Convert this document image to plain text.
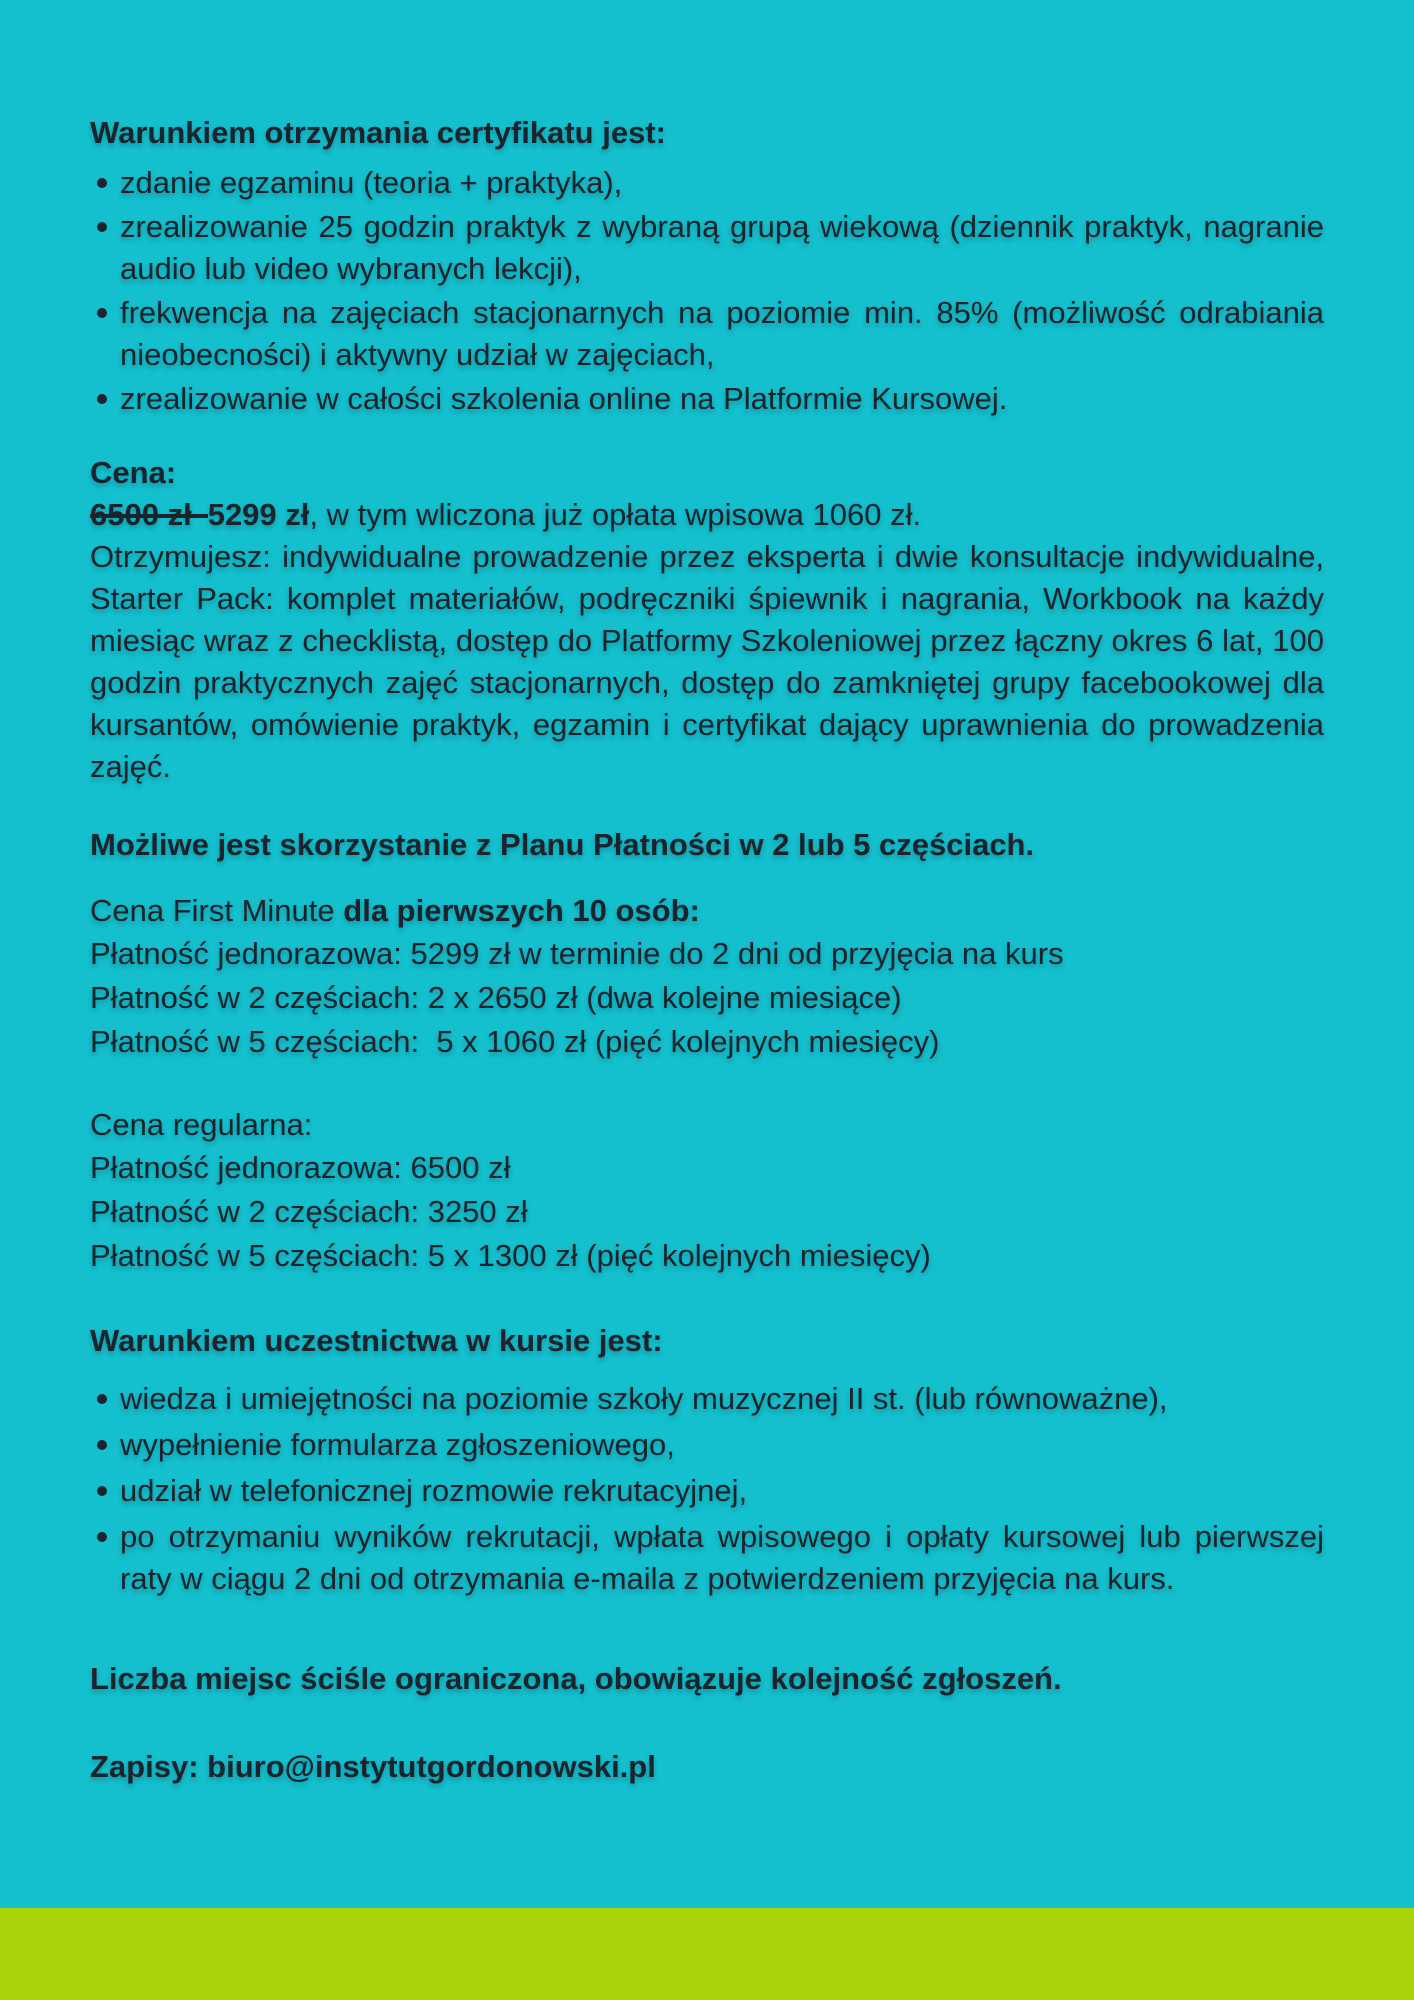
Warunkiem otrzymania certyfikatu jest:

zdanie egzaminu (teoria + praktyka),
zrealizowanie 25 godzin praktyk z wybraną grupą wiekową (dziennik praktyk, nagranie audio lub video wybranych lekcji),
frekwencja na zajęciach stacjonarnych na poziomie min. 85% (możliwość odrabiania nieobecności) i aktywny udział w zajęciach,
zrealizowanie w całości szkolenia online na Platformie Kursowej.

Cena:

6500 zł 5299 zł, w tym wliczona już opłata wpisowa 1060 zł.

Otrzymujesz: indywidualne prowadzenie przez eksperta i dwie konsultacje indywidualne, Starter Pack: komplet materiałów, podręczniki śpiewnik i nagrania, Workbook na każdy miesiąc wraz z checklistą, dostęp do Platformy Szkoleniowej przez łączny okres 6 lat, 100 godzin praktycznych zajęć stacjonarnych, dostęp do zamkniętej grupy facebookowej dla kursantów, omówienie praktyk, egzamin i certyfikat dający uprawnienia do prowadzenia zajęć.

Możliwe jest skorzystanie z Planu Płatności w 2 lub 5 częściach.

Cena First Minute dla pierwszych 10 osób:

Płatność jednorazowa: 5299 zł w terminie do 2 dni od przyjęcia na kurs

Płatność w 2 częściach: 2 x 2650 zł (dwa kolejne miesiące)

Płatność w 5 częściach:  5 x 1060 zł (pięć kolejnych miesięcy)

Cena regularna:

Płatność jednorazowa: 6500 zł

Płatność w 2 częściach: 3250 zł

Płatność w 5 częściach: 5 x 1300 zł (pięć kolejnych miesięcy)

Warunkiem uczestnictwa w kursie jest:

wiedza i umiejętności na poziomie szkoły muzycznej II st. (lub równoważne),
wypełnienie formularza zgłoszeniowego,
udział w telefonicznej rozmowie rekrutacyjnej,
po otrzymaniu wyników rekrutacji, wpłata wpisowego i opłaty kursowej lub pierwszej raty w ciągu 2 dni od otrzymania e-maila z potwierdzeniem przyjęcia na kurs.

Liczba miejsc ściśle ograniczona, obowiązuje kolejność zgłoszeń.

Zapisy: biuro@instytutgordonowski.pl
